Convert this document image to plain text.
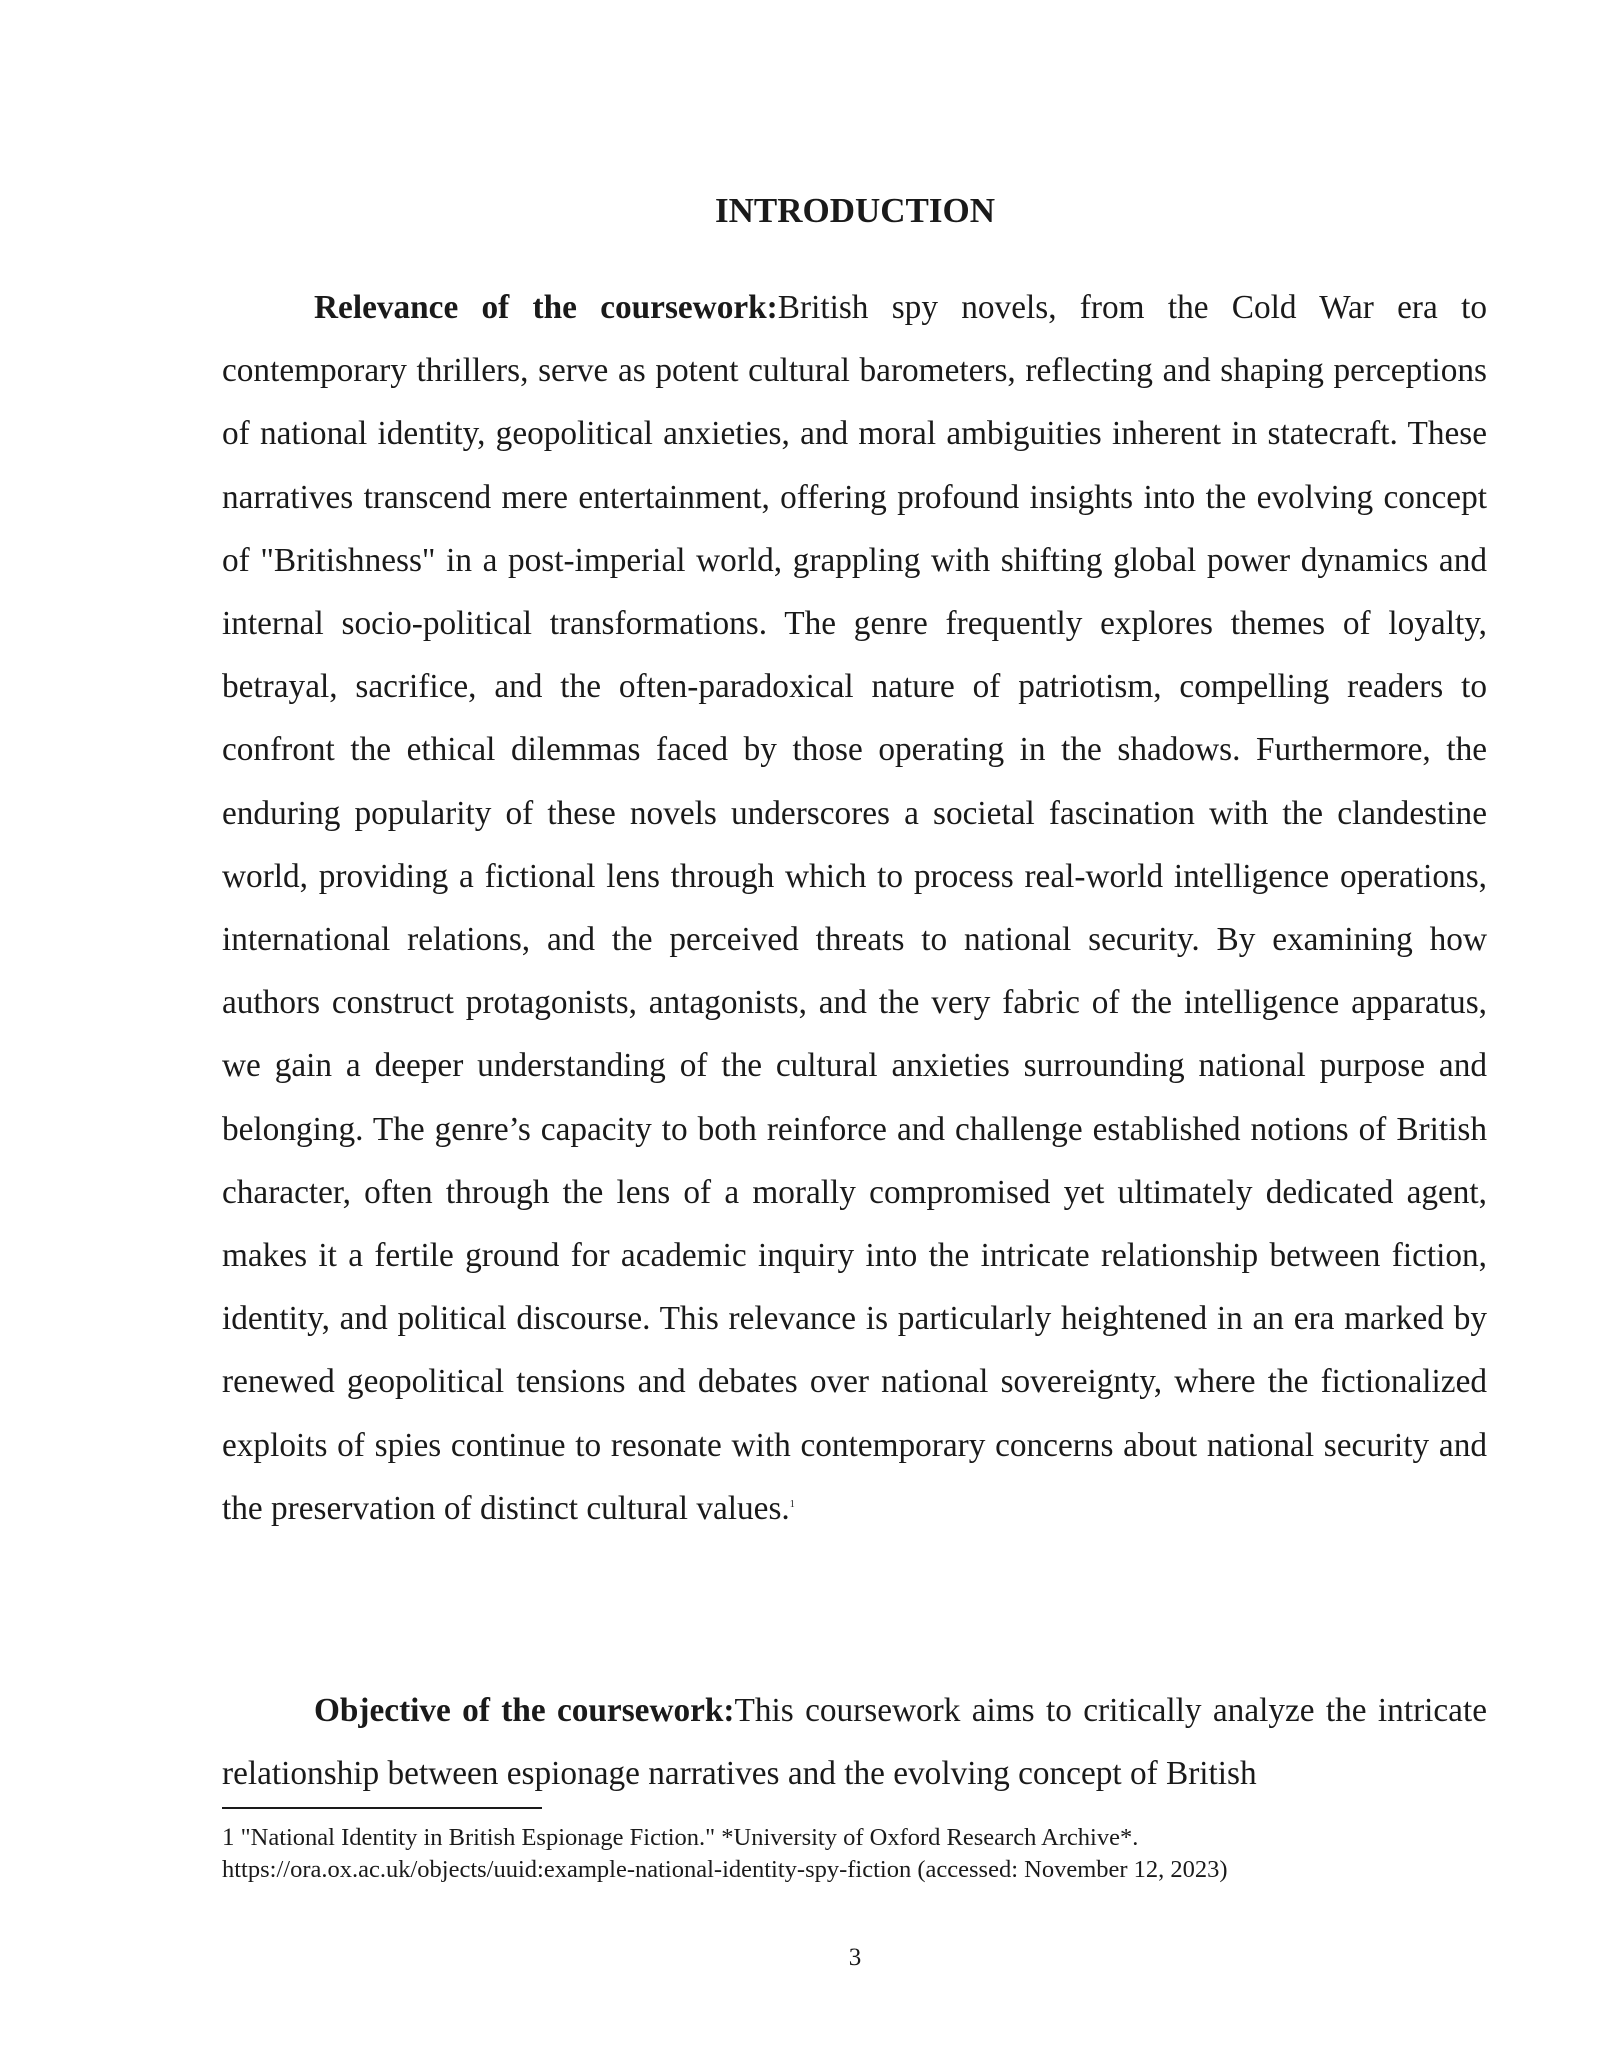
INTRODUCTION

Relevance of the coursework:British spy novels, from the Cold War era to contemporary thrillers, serve as potent cultural barometers, reflecting and shaping perceptions of national identity, geopolitical anxieties, and moral ambiguities inherent in statecraft. These narratives transcend mere entertainment, offering profound insights into the evolving concept of "Britishness" in a post-imperial world, grappling with shifting global power dynamics and internal socio-political transformations. The genre frequently explores themes of loyalty, betrayal, sacrifice, and the often-paradoxical nature of patriotism, compelling readers to confront the ethical dilemmas faced by those operating in the shadows. Furthermore, the enduring popularity of these novels underscores a societal fascination with the clandestine world, providing a fictional lens through which to process real-world intelligence operations, international relations, and the perceived threats to national security. By examining how authors construct protagonists, antagonists, and the very fabric of the intelligence apparatus, we gain a deeper understanding of the cultural anxieties surrounding national purpose and belonging. The genre’s capacity to both reinforce and challenge established notions of British character, often through the lens of a morally compromised yet ultimately dedicated agent, makes it a fertile ground for academic inquiry into the intricate relationship between fiction, identity, and political discourse. This relevance is particularly heightened in an era marked by renewed geopolitical tensions and debates over national sovereignty, where the fictionalized exploits of spies continue to resonate with contemporary concerns about national security and the preservation of distinct cultural values.$^1$

Objective of the coursework:This coursework aims to critically analyze the intricate relationship between espionage narratives and the evolving concept of British

1 "National Identity in British Espionage Fiction." *University of Oxford Research Archive*.
https://ora.ox.ac.uk/objects/uuid:example-national-identity-spy-fiction (accessed: November 12, 2023)
3
